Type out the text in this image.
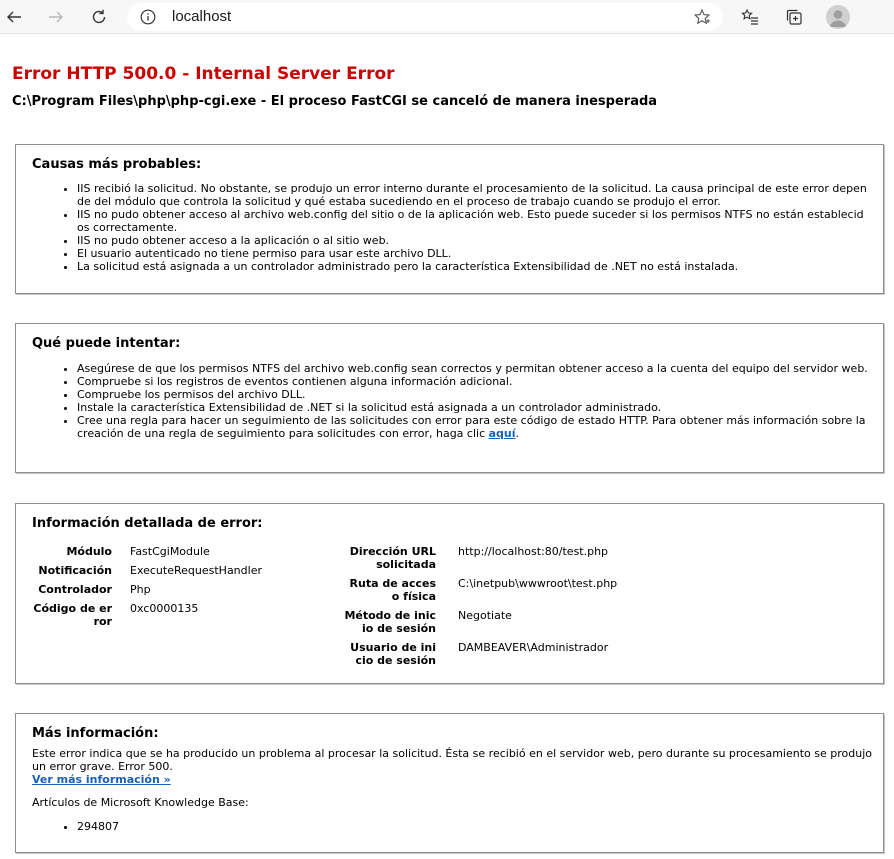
localhost
Error HTTP 500.0 - Internal Server Error
C:\Program Files\php\php-cgi.exe - El proceso FastCGI se canceló de manera inesperada
Causas más probables:
• IIS recibió la solicitud. No obstante, se produjo un error interno durante el procesamiento de la solicitud. La causa principal de este error depende del módulo que controla la solicitud y qué estaba sucediendo en el proceso de trabajo cuando se produjo el error.
• IIS no pudo obtener acceso al archivo web.config del sitio o de la aplicación web. Esto puede suceder si los permisos NTFS no están establecidos correctamente.
• IIS no pudo obtener acceso a la aplicación o al sitio web.
• El usuario autenticado no tiene permiso para usar este archivo DLL.
• La solicitud está asignada a un controlador administrado pero la característica Extensibilidad de .NET no está instalada.
Qué puede intentar:
• Asegúrese de que los permisos NTFS del archivo web.config sean correctos y permitan obtener acceso a la cuenta del equipo del servidor web.
• Compruebe si los registros de eventos contienen alguna información adicional.
• Compruebe los permisos del archivo DLL.
• Instale la característica Extensibilidad de .NET si la solicitud está asignada a un controlador administrado.
• Cree una regla para hacer un seguimiento de las solicitudes con error para este código de estado HTTP. Para obtener más información sobre la creación de una regla de seguimiento para solicitudes con error, haga clic aquí.
Información detallada de error:
Módulo FastCgiModule
Notificación ExecuteRequestHandler
Controlador Php
Código de error
0xc0000135
Dirección URL solicitada
http://localhost:80/test.php
Ruta de acceso física
C:\inetpub\wwwroot\test.php
Método de inicio de sesión
Negotiate
Usuario de inicio de sesión
DAMBEAVER\Administrador
Más información:

Este error indica que se ha producido un problema al procesar la solicitud. Ésta se recibió en el servidor web, pero durante su procesamiento se produjo un error grave. Error 500.

Ver más información »

Artículos de Microsoft Knowledge Base:

• 294807
